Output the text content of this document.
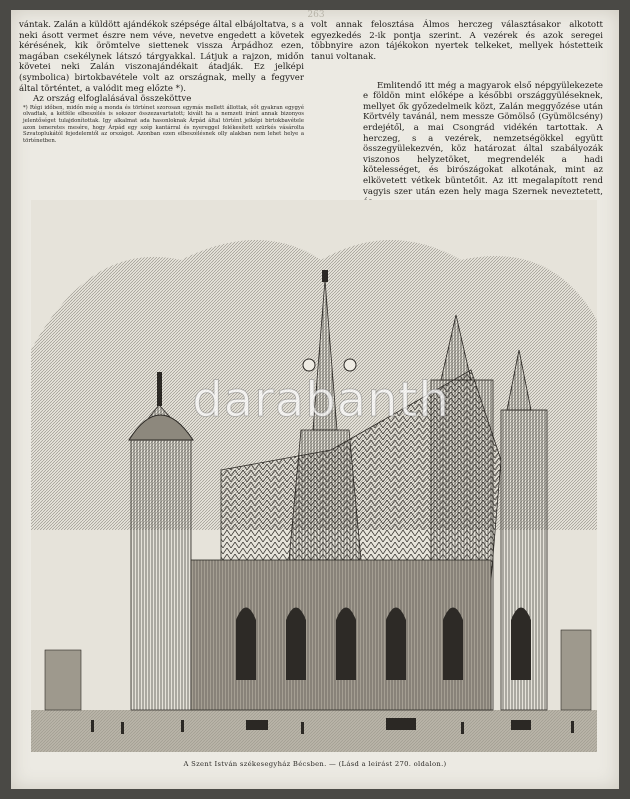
263

vántak. Zalán a küldött ajándékok szépsége által elbájoltatva, s a neki ásott vermet észre nem véve, nevetve engedett a követek kérésének, kik örömtelve siettenek vissza Árpádhoz ezen, magában csekélynek látszó tárgyakkal. Látjuk a rajzon, midőn követei neki Zalán viszonajándékait átadják. Ez jelképi (symbolica) birtokbavétele volt az országnak, melly a fegyver által történtet, a valódit meg előzte *).

Az ország elfoglalásával összeköttve

*) Régi időben, midőn még a monda és történet szorosan egymás mellett állottak, sőt gyakran egygyé olvadtak, a kétféle elbeszélés is sokszor összezavartatott; kivált ha a nemzeti iránt annak bizonyos jelentőséget tulajdonítottak. Igy alkalmat ada hasonloknak Árpád által történt jelképi birtokbavétele azon ismeretes mesére, hogy Árpád egy szép kantárral és nyereggel felékesített szürkés vásároltа Szvatoplukától fejedelemtől az országot. Azonban ezen elbeszélésnek olly alakban nem lehet helye a történetben.

volt annak felosztása Álmos herczeg választásakor alkotott egyezkedés 2-ik pontja szerint. A vezérek és azok seregei többnyire azon tájékokon nyertek telkeket, mellyek hóstetteik tanui voltanak.

Emlitendő itt még a magyarok első népgyülekezete e földön mint előképe a későbbi országgyüléseknek, mellyet ők győzedelmeik közt, Zalán meggyőzése után Körtvély tavánál, nem messze Gömölső (Gyümölcsény) erdejétől, a mai Csongrád vidékén tartottak. A herczeg, s a vezérek, nemzetségökkel együtt összegyülekezvén, köz határozat által szabályozák viszonos helyzetöket, megrendelék a hadi kötelességet, és birószágokat alkotának, mint az elkövetett vétkek büntetőit. Az itt megalapított rend vagyis szer után ezen hely maga Szernek neveztetett,

darabanth
A Szent István székesegyház Bécsben. — (Lásd a leirást 270. oldalon.)
